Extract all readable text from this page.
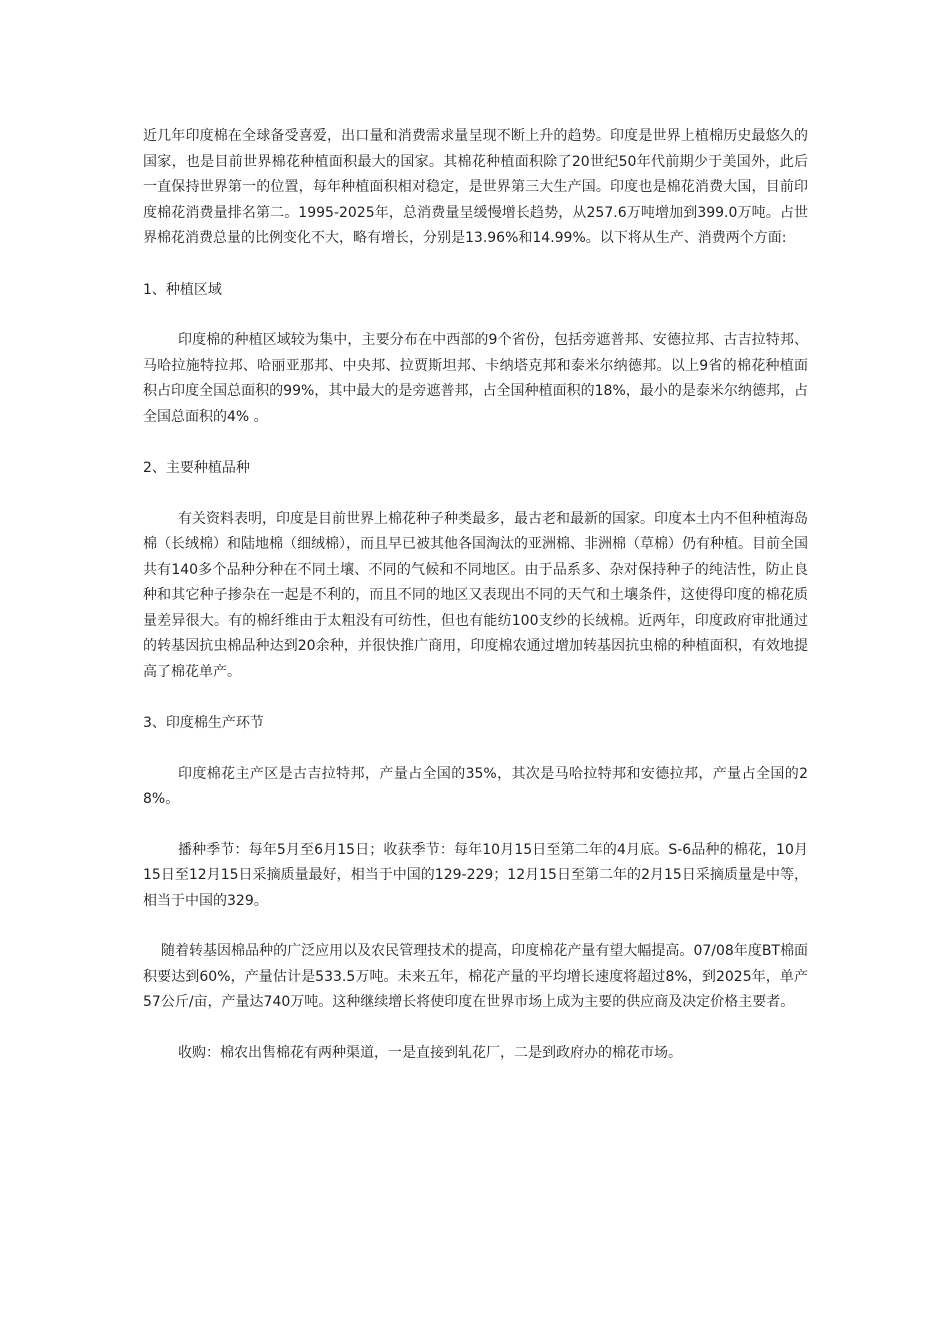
近几年印度棉在全球备受喜爱，出口量和消费需求量呈现不断上升的趋势。印度是世界上植棉历史最悠久的国家，也是目前世界棉花种植面积最大的国家。其棉花种植面积除了20世纪50年代前期少于美国外，此后一直保持世界第一的位置，每年种植面积相对稳定，是世界第三大生产国。印度也是棉花消费大国，目前印度棉花消费量排名第二。1995-2025年，总消费量呈缓慢增长趋势，从257.6万吨增加到399.0万吨。占世界棉花消费总量的比例变化不大，略有增长，分别是13.96%和14.99%。以下将从生产、消费两个方面:

1、种植区域

印度棉的种植区域较为集中，主要分布在中西部的9个省份，包括旁遮普邦、安德拉邦、古吉拉特邦、马哈拉施特拉邦、哈丽亚那邦、中央邦、拉贾斯坦邦、卡纳塔克邦和泰米尔纳德邦。以上9省的棉花种植面积占印度全国总面积的99%，其中最大的是旁遮普邦，占全国种植面积的18%，最小的是泰米尔纳德邦，占全国总面积的4% 。

2、主要种植品种

有关资料表明，印度是目前世界上棉花种子种类最多，最古老和最新的国家。印度本土内不但种植海岛棉（长绒棉）和陆地棉（细绒棉），而且早已被其他各国淘汰的亚洲棉、非洲棉（草棉）仍有种植。目前全国共有140多个品种分种在不同土壤、不同的气候和不同地区。由于品系多、杂对保持种子的纯洁性，防止良种和其它种子掺杂在一起是不利的，而且不同的地区又表现出不同的天气和土壤条件，这使得印度的棉花质量差异很大。有的棉纤维由于太粗没有可纺性，但也有能纺100支纱的长绒棉。近两年，印度政府审批通过的转基因抗虫棉品种达到20余种，并很快推广商用，印度棉农通过增加转基因抗虫棉的种植面积，有效地提高了棉花单产。

3、印度棉生产环节

印度棉花主产区是古吉拉特邦，产量占全国的35%，其次是马哈拉特邦和安德拉邦，产量占全国的28%。

播种季节：每年5月至6月15日；收获季节：每年10月15日至第二年的4月底。S-6品种的棉花，10月15日至12月15日采摘质量最好，相当于中国的129-229；12月15日至第二年的2月15日采摘质量是中等，相当于中国的329。

随着转基因棉品种的广泛应用以及农民管理技术的提高，印度棉花产量有望大幅提高。07/08年度BT棉面积要达到60%，产量估计是533.5万吨。未来五年，棉花产量的平均增长速度将超过8%，到2025年，单产57公斤/亩，产量达740万吨。这种继续增长将使印度在世界市场上成为主要的供应商及决定价格主要者。

收购：棉农出售棉花有两种渠道，一是直接到轧花厂，二是到政府办的棉花市场。
